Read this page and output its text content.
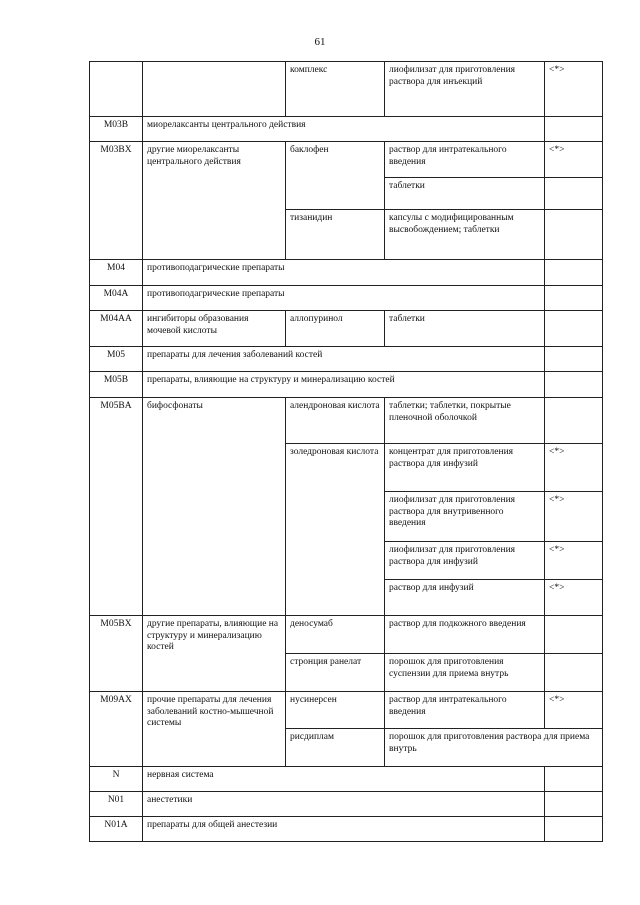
61
		комплекс	лиофилизат для приготовления раствора для инъекций	<*>
M03B	миорелаксанты центрального действия			
M03BX	другие миорелаксанты центрального действия	баклофен	раствор для интратекального введения	<*>
			таблетки	
		тизанидин	капсулы с модифицированным высвобождением; таблетки	
M04	противоподагрические препараты			
M04A	противоподагрические препараты			
M04AA	ингибиторы образования мочевой кислоты	аллопуринол	таблетки	
M05	препараты для лечения заболеваний костей			
M05B	препараты, влияющие на структуру и минерализацию костей			
M05BA	бифосфонаты	алендроновая кислота	таблетки; таблетки, покрытые пленочной оболочкой	
		золедроновая кислота	концентрат для приготовления раствора для инфузий	<*>
			лиофилизат для приготовления раствора для внутривенного введения	<*>
			лиофилизат для приготовления раствора для инфузий	<*>
			раствор для инфузий	<*>
M05BX	другие препараты, влияющие на структуру и минерализацию костей	деносумаб	раствор для подкожного введения	
		стронция ранелат	порошок для приготовления суспензии для приема внутрь	
M09AX	прочие препараты для лечения заболеваний костно-мышечной системы	нусинерсен	раствор для интратекального введения	<*>
		рисдиплам	порошок для приготовления раствора для приема внутрь	
N	нервная система			
N01	анестетики			
N01A	препараты для общей анестезии			
